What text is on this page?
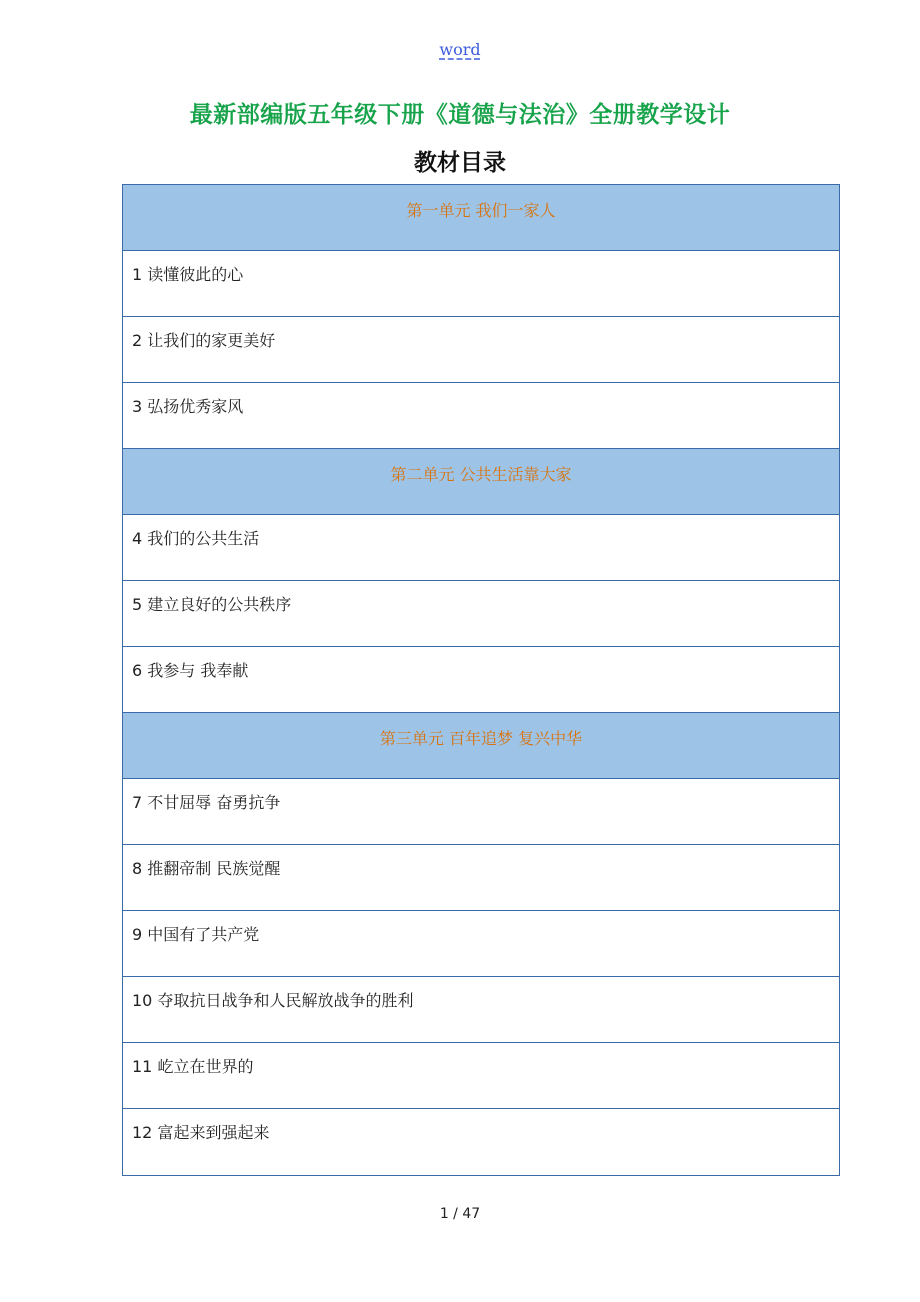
word
最新部编版五年级下册《道德与法治》全册教学设计
教材目录
第一单元 我们一家人
1 读懂彼此的心
2 让我们的家更美好
3 弘扬优秀家风
第二单元 公共生活靠大家
4 我们的公共生活
5 建立良好的公共秩序
6 我参与 我奉献
第三单元 百年追梦 复兴中华
7 不甘屈辱 奋勇抗争
8 推翻帝制 民族觉醒
9 中国有了共产党
10 夺取抗日战争和人民解放战争的胜利
11 屹立在世界的
12 富起来到强起来
1 / 47
